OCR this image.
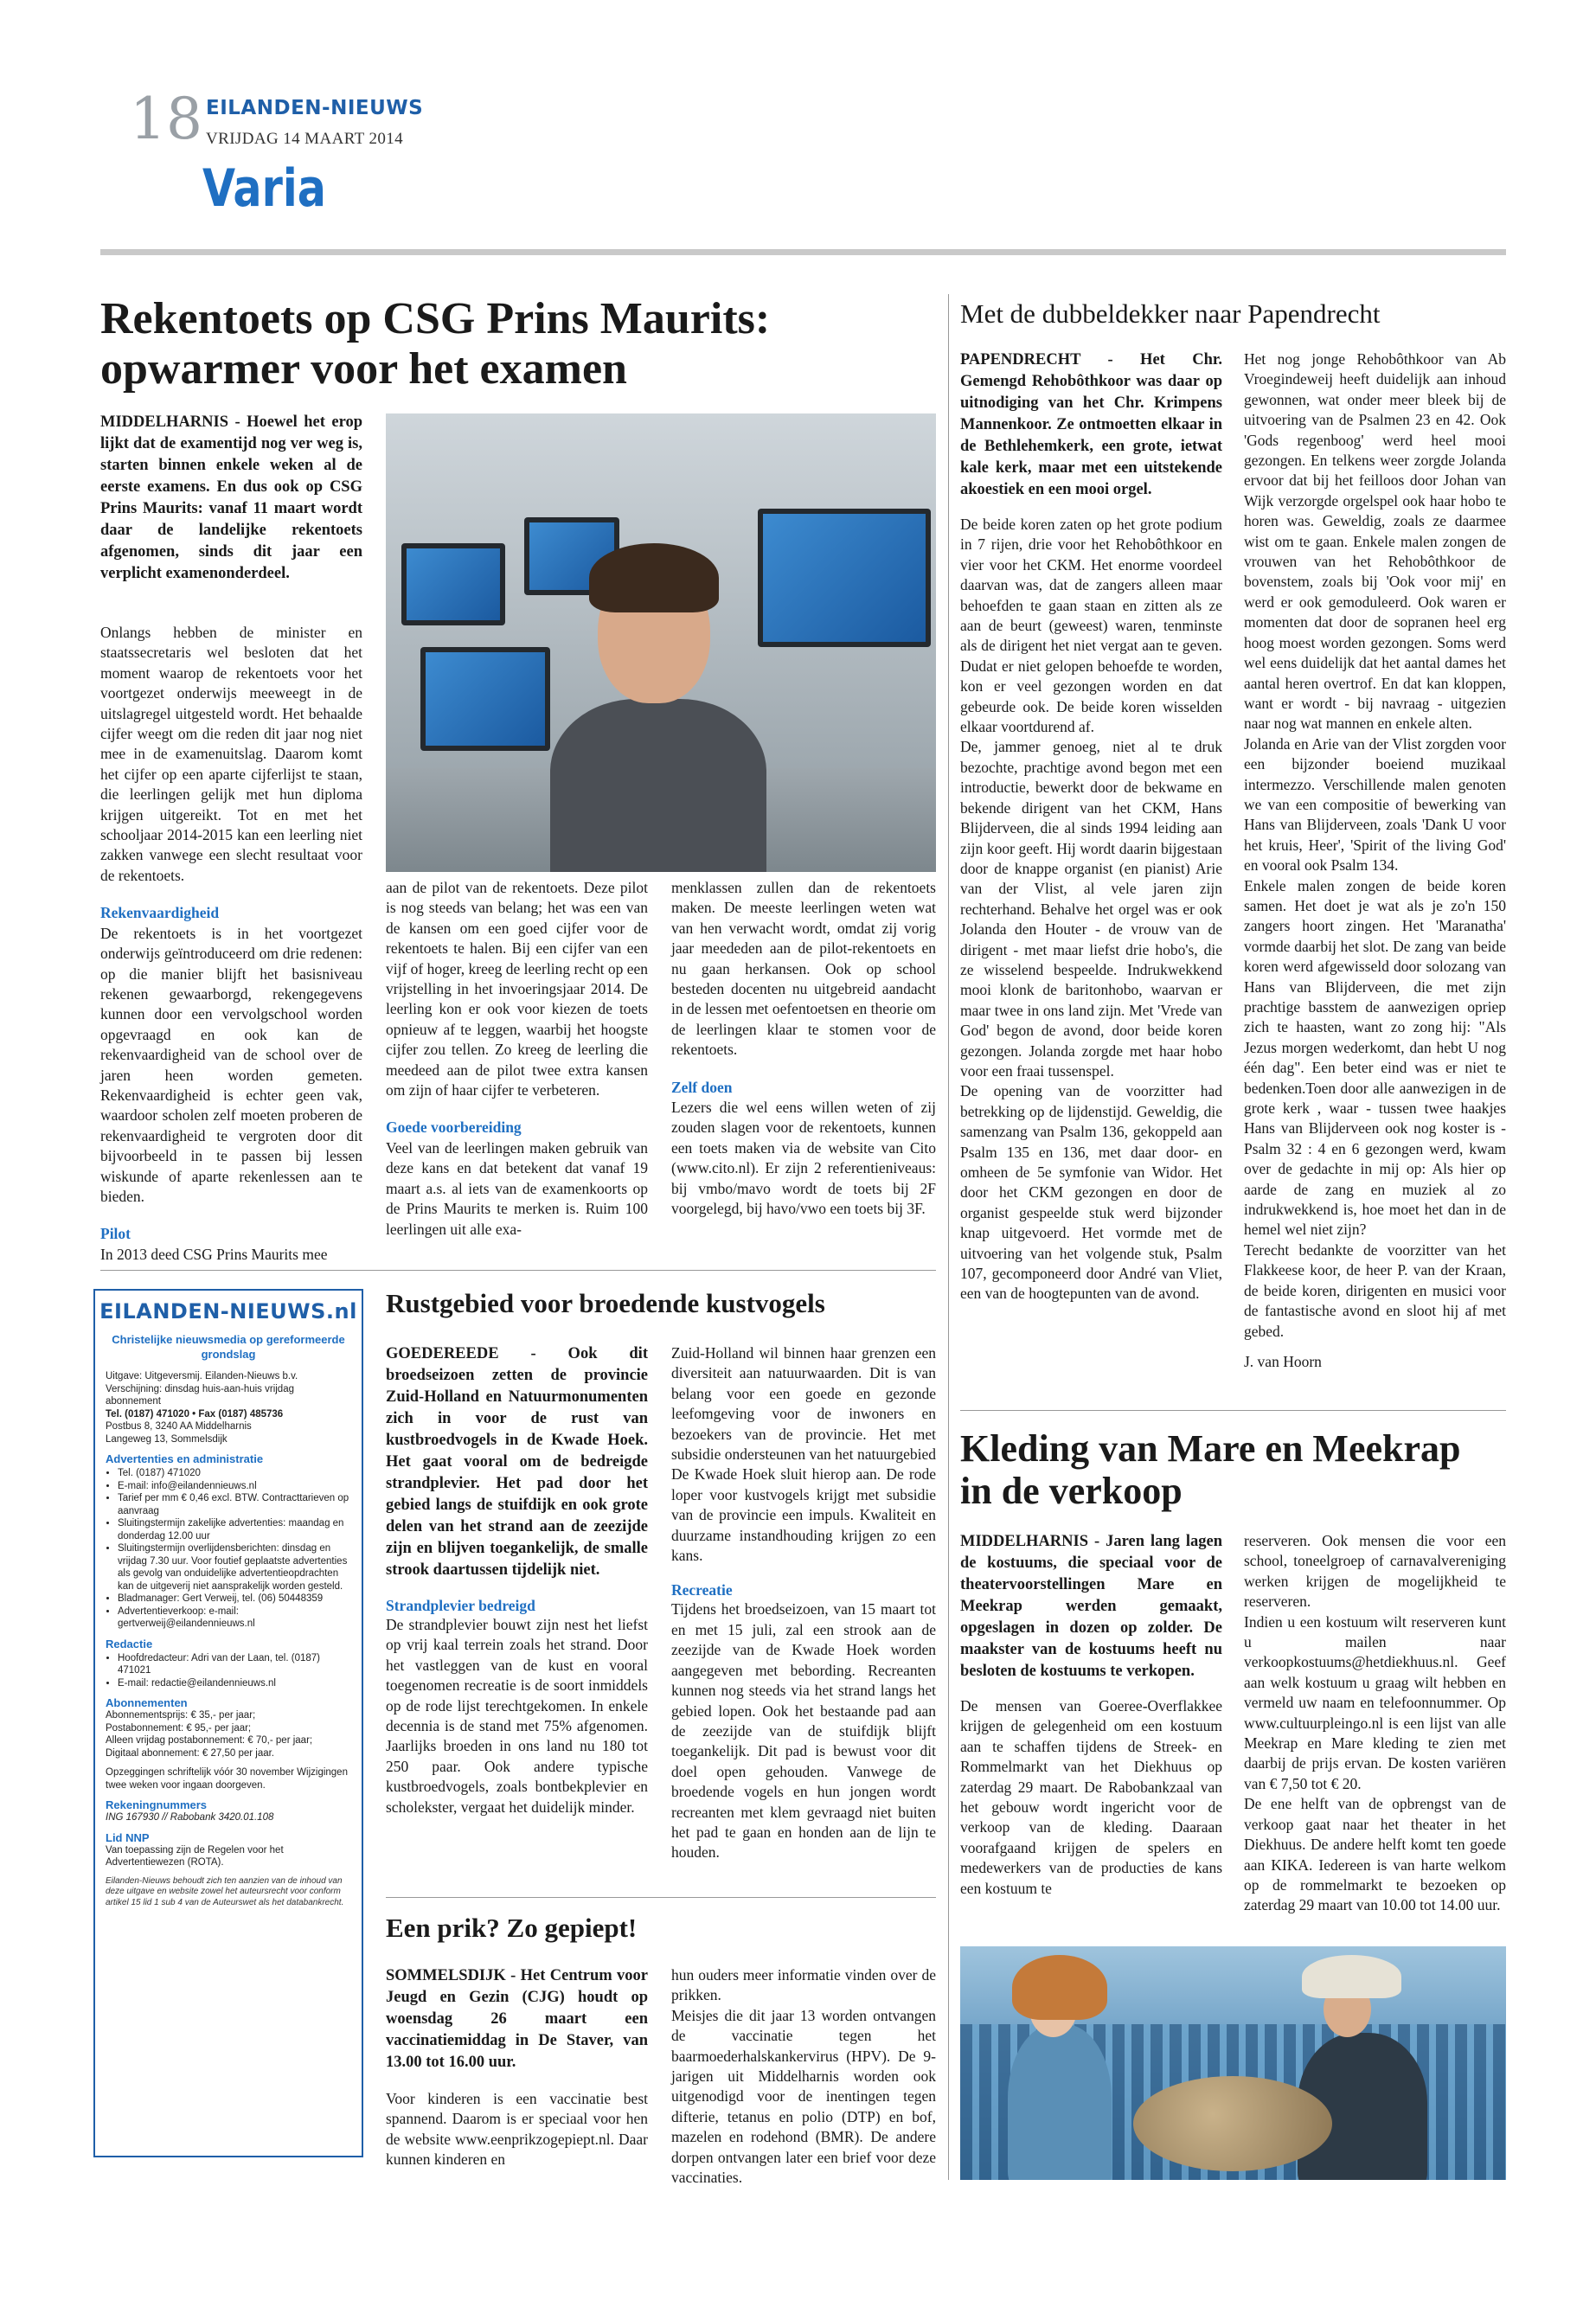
18 EILANDEN-NIEUWS
VRIJDAG 14 MAART 2014
Varia
Rekentoets op CSG Prins Maurits:
opwarmer voor het examen
MIDDELHARNIS - Hoewel het erop lijkt dat de examentijd nog ver weg is, starten binnen enkele weken al de eerste examens. En dus ook op CSG Prins Maurits: vanaf 11 maart wordt daar de landelijke rekentoets afgenomen, sinds dit jaar een verplicht examenonderdeel.

Onlangs hebben de minister en staatssecretaris wel besloten dat het moment waarop de rekentoets voor het voortgezet onderwijs meeweegt in de uitslagregel uitgesteld wordt. Het behaalde cijfer weegt om die reden dit jaar nog niet mee in de examenuitslag. Daarom komt het cijfer op een aparte cijferlijst te staan, die leerlingen gelijk met hun diploma krijgen uitgereikt. Tot en met het schooljaar 2014-2015 kan een leerling niet zakken vanwege een slecht resultaat voor de rekentoets.

Rekenvaardigheid

De rekentoets is in het voortgezet onderwijs geïntroduceerd om drie redenen: op die manier blijft het basisniveau rekenen gewaarborgd, rekengegevens kunnen door een vervolgschool worden opgevraagd en ook kan de rekenvaardigheid van de school over de jaren heen worden gemeten. Rekenvaardigheid is echter geen vak, waardoor scholen zelf moeten proberen de rekenvaardigheid te vergroten door dit bijvoorbeeld in te passen bij lessen wiskunde of aparte rekenlessen aan te bieden.

Pilot

In 2013 deed CSG Prins Maurits mee

aan de pilot van de rekentoets. Deze pilot is nog steeds van belang; het was een van de kansen om een goed cijfer voor de rekentoets te halen. Bij een cijfer van een vijf of hoger, kreeg de leerling recht op een vrijstelling in het invoeringsjaar 2014. De leerling kon er ook voor kiezen de toets opnieuw af te leggen, waarbij het hoogste cijfer zou tellen. Zo kreeg de leerling die meedeed aan de pilot twee extra kansen om zijn of haar cijfer te verbeteren.

Goede voorbereiding

Veel van de leerlingen maken gebruik van deze kans en dat betekent dat vanaf 19 maart a.s. al iets van de examenkoorts op de Prins Maurits te merken is. Ruim 100 leerlingen uit alle exa-

menklassen zullen dan de rekentoets maken. De meeste leerlingen weten wat van hen verwacht wordt, omdat zij vorig jaar meededen aan de pilot-rekentoets en nu gaan herkansen. Ook op school besteden docenten nu uitgebreid aandacht in de lessen met oefentoetsen en theorie om de leerlingen klaar te stomen voor de rekentoets.

Zelf doen

Lezers die wel eens willen weten of zij zouden slagen voor de rekentoets, kunnen een toets maken via de website van Cito (www.cito.nl). Er zijn 2 referentieniveaus: bij vmbo/mavo wordt de toets bij 2F voorgelegd, bij havo/vwo een toets bij 3F.

EILANDEN-NIEUWS.nl
Christelijke nieuwsmedia op gereformeerde grondslag
Uitgave: Uitgeversmij. Eilanden-Nieuws b.v.
Verschijning: dinsdag huis-aan-huis vrijdag abonnement
Tel. (0187) 471020 • Fax (0187) 485736
Postbus 8, 3240 AA Middelharnis
Langeweg 13, Sommelsdijk
Advertenties en administratie
• Tel. (0187) 471020
• E-mail: info@eilandennieuws.nl
• Tarief per mm € 0,46 excl. BTW. Contracttarieven op aanvraag
• Sluitingstermijn zakelijke advertenties: maandag en donderdag 12.00 uur
• Sluitingstermijn overlijdensberichten: dinsdag en vrijdag 7.30 uur. Voor foutief geplaatste advertenties als gevolg van onduidelijke advertentieopdrachten kan de uitgeverij niet aansprakelijk worden gesteld.
• Bladmanager: Gert Verweij, tel. (06) 50448359
• Advertentieverkoop: e-mail: gertverweij@eilandennieuws.nl
Redactie
• Hoofdredacteur: Adri van der Laan, tel. (0187) 471021
• E-mail: redactie@eilandennieuws.nl
Abonnementen
Abonnementsprijs: € 35,- per jaar;
Postabonnement: € 95,- per jaar;
Alleen vrijdag postabonnement: € 70,- per jaar;
Digitaal abonnement: € 27,50 per jaar.
Opzeggingen schriftelijk vóór 30 november Wijzigingen twee weken voor ingaan doorgeven.
Rekeningnummers
ING 167930 // Rabobank 3420.01.108
Lid NNP
Van toepassing zijn de Regelen voor het Advertentiewezen (ROTA).
Eilanden-Nieuws behoudt zich ten aanzien van de inhoud van deze uitgave en website zowel het auteursrecht voor conform artikel 15 lid 1 sub 4 van de Auteurswet als het databankrecht.
Rustgebied voor broedende kustvogels
GOEDEREEDE - Ook dit broedseizoen zetten de provincie Zuid-Holland en Natuurmonumenten zich in voor de rust van kustbroedvogels in de Kwade Hoek. Het gaat vooral om de bedreigde strandplevier. Het pad door het gebied langs de stuifdijk en ook grote delen van het strand aan de zeezijde zijn en blijven toegankelijk, de smalle strook daartussen tijdelijk niet.
Strandplevier bedreigd
De strandplevier bouwt zijn nest het liefst op vrij kaal terrein zoals het strand. Door het vastleggen van de kust en vooral toegenomen recreatie is de soort inmiddels op de rode lijst terechtgekomen. In enkele decennia is de stand met 75% afgenomen. Jaarlijks broeden in ons land nu 180 tot 250 paar. Ook andere typische kustbroedvogels, zoals bontbekplevier en scholekster, vergaat het duidelijk minder.
Zuid-Holland wil binnen haar grenzen een diversiteit aan natuurwaarden. Dit is van belang voor een goede en gezonde leefomgeving voor de inwoners en bezoekers van de provincie. Het met subsidie ondersteunen van het natuurgebied De Kwade Hoek sluit hierop aan. De rode loper voor kustvogels krijgt met subsidie van de provincie een impuls. Kwaliteit en duurzame instandhouding krijgen zo een kans.
Recreatie
Tijdens het broedseizoen, van 15 maart tot en met 15 juli, zal een strook aan de zeezijde van de Kwade Hoek worden aangegeven met bebording. Recreanten kunnen nog steeds via het strand langs het gebied lopen. Ook het bestaande pad aan de zeezijde van de stuifdijk blijft toegankelijk. Dit pad is bewust voor dit doel open gehouden. Vanwege de broedende vogels en hun jongen wordt recreanten met klem gevraagd niet buiten het pad te gaan en honden aan de lijn te houden.
Een prik? Zo gepiept!
SOMMELSDIJK - Het Centrum voor Jeugd en Gezin (CJG) houdt op woensdag 26 maart een vaccinatiemiddag in De Staver, van 13.00 tot 16.00 uur.
Voor kinderen is een vaccinatie best spannend. Daarom is er speciaal voor hen de website www.eenprikzogepiept.nl. Daar kunnen kinderen en
hun ouders meer informatie vinden over de prikken.
Meisjes die dit jaar 13 worden ontvangen de vaccinatie tegen het baarmoederhalskankervirus (HPV). De 9-jarigen uit Middelharnis worden ook uitgenodigd voor de inentingen tegen difterie, tetanus en polio (DTP) en bof, mazelen en rodehond (BMR). De andere dorpen ontvangen later een brief voor deze vaccinaties.
Met de dubbeldekker naar Papendrecht
PAPENDRECHT - Het Chr. Gemengd Rehobôthkoor was daar op uitnodiging van het Chr. Krimpens Mannenkoor. Ze ontmoetten elkaar in de Bethlehemkerk, een grote, ietwat kale kerk, maar met een uitstekende akoestiek en een mooi orgel.
De beide koren zaten op het grote podium in 7 rijen, drie voor het Rehobôthkoor en vier voor het CKM. Het enorme voordeel daarvan was, dat de zangers alleen maar behoefden te gaan staan en zitten als ze aan de beurt (geweest) waren, tenminste als de dirigent het niet vergat aan te geven. Dudat er niet gelopen behoefde te worden, kon er veel gezongen worden en dat gebeurde ook. De beide koren wisselden elkaar voortdurend af.
De, jammer genoeg, niet al te druk bezochte, prachtige avond begon met een introductie, bewerkt door de bekwame en bekende dirigent van het CKM, Hans Blijderveen, die al sinds 1994 leiding aan zijn koor geeft. Hij wordt daarin bijgestaan door de knappe organist (en pianist) Arie van der Vlist, al vele jaren zijn rechterhand. Behalve het orgel was er ook Jolanda den Houter - de vrouw van de dirigent - met maar liefst drie hobo's, die ze wisselend bespeelde. Indrukwekkend mooi klonk de baritonhobo, waarvan er maar twee in ons land zijn. Met 'Vrede van God' begon de avond, door beide koren gezongen. Jolanda zorgde met haar hobo voor een fraai tussenspel.
De opening van de voorzitter had betrekking op de lijdenstijd. Geweldig, die samenzang van Psalm 136, gekoppeld aan Psalm 135 en 136, met daar door- en omheen de 5e symfonie van Widor. Het door het CKM gezongen en door de organist gespeelde stuk werd bijzonder knap uitgevoerd. Het vormde met de uitvoering van het volgende stuk, Psalm 107, gecomponeerd door André van Vliet, een van de hoogtepunten van de avond.
Het nog jonge Rehobôthkoor van Ab Vroegindeweij heeft duidelijk aan inhoud gewonnen, wat onder meer bleek bij de uitvoering van de Psalmen 23 en 42. Ook 'Gods regenboog' werd heel mooi gezongen. En telkens weer zorgde Jolanda ervoor dat bij het feilloos door Johan van Wijk verzorgde orgelspel ook haar hobo te horen was. Geweldig, zoals ze daarmee wist om te gaan. Enkele malen zongen de vrouwen van het Rehobôthkoor de bovenstem, zoals bij 'Ook voor mij' en werd er ook gemoduleerd. Ook waren er momenten dat door de sopranen heel erg hoog moest worden gezongen. Soms werd wel eens duidelijk dat het aantal dames het aantal heren overtrof. En dat kan kloppen, want er wordt - bij navraag - uitgezien naar nog wat mannen en enkele alten.
Jolanda en Arie van der Vlist zorgden voor een bijzonder boeiend muzikaal intermezzo. Verschillende malen genoten we van een compositie of bewerking van Hans van Blijderveen, zoals 'Dank U voor het kruis, Heer', 'Spirit of the living God' en vooral ook Psalm 134.
Enkele malen zongen de beide koren samen. Het doet je wat als je zo'n 150 zangers hoort zingen. Het 'Maranatha' vormde daarbij het slot. De zang van beide koren werd afgewisseld door solozang van Hans van Blijderveen, die met zijn prachtige basstem de aanwezigen opriep zich te haasten, want zo zong hij: "Als Jezus morgen wederkomt, dan hebt U nog één dag". Een beter eind was er niet te bedenken.Toen door alle aanwezigen in de grote kerk , waar - tussen twee haakjes Hans van Blijderveen ook nog koster is - Psalm 32 : 4 en 6 gezongen werd, kwam over de gedachte in mij op: Als hier op aarde de zang en muziek al zo indrukwekkend is, hoe moet het dan in de hemel wel niet zijn?
Terecht bedankte de voorzitter van het Flakkeese koor, de heer P. van der Kraan, de beide koren, dirigenten en musici voor de fantastische avond en sloot hij af met gebed.
J. van Hoorn
Kleding van Mare en Meekrap
in de verkoop
MIDDELHARNIS - Jaren lang lagen de kostuums, die speciaal voor de theatervoorstellingen Mare en Meekrap werden gemaakt, opgeslagen in dozen op zolder. De maakster van de kostuums heeft nu besloten de kostuums te verkopen.
De mensen van Goeree-Overflakkee krijgen de gelegenheid om een kostuum aan te schaffen tijdens de Streek- en Rommelmarkt van het Diekhuus op zaterdag 29 maart. De Rabobankzaal van het gebouw wordt ingericht voor de verkoop van de kleding. Daaraan voorafgaand krijgen de spelers en medewerkers van de producties de kans een kostuum te
reserveren. Ook mensen die voor een school, toneelgroep of carnavalvereniging werken krijgen de mogelijkheid te reserveren.
Indien u een kostuum wilt reserveren kunt u mailen naar verkoopkostuums@hetdiekhuus.nl. Geef aan welk kostuum u graag wilt hebben en vermeld uw naam en telefoonnummer. Op www.cultuurpleingo.nl is een lijst van alle Meekrap en Mare kleding te zien met daarbij de prijs ervan. De kosten variëren van € 7,50 tot € 20.
De ene helft van de opbrengst van de verkoop gaat naar het theater in het Diekhuus. De andere helft komt ten goede aan KIKA. Iedereen is van harte welkom op de rommelmarkt te bezoeken op zaterdag 29 maart van 10.00 tot 14.00 uur.
